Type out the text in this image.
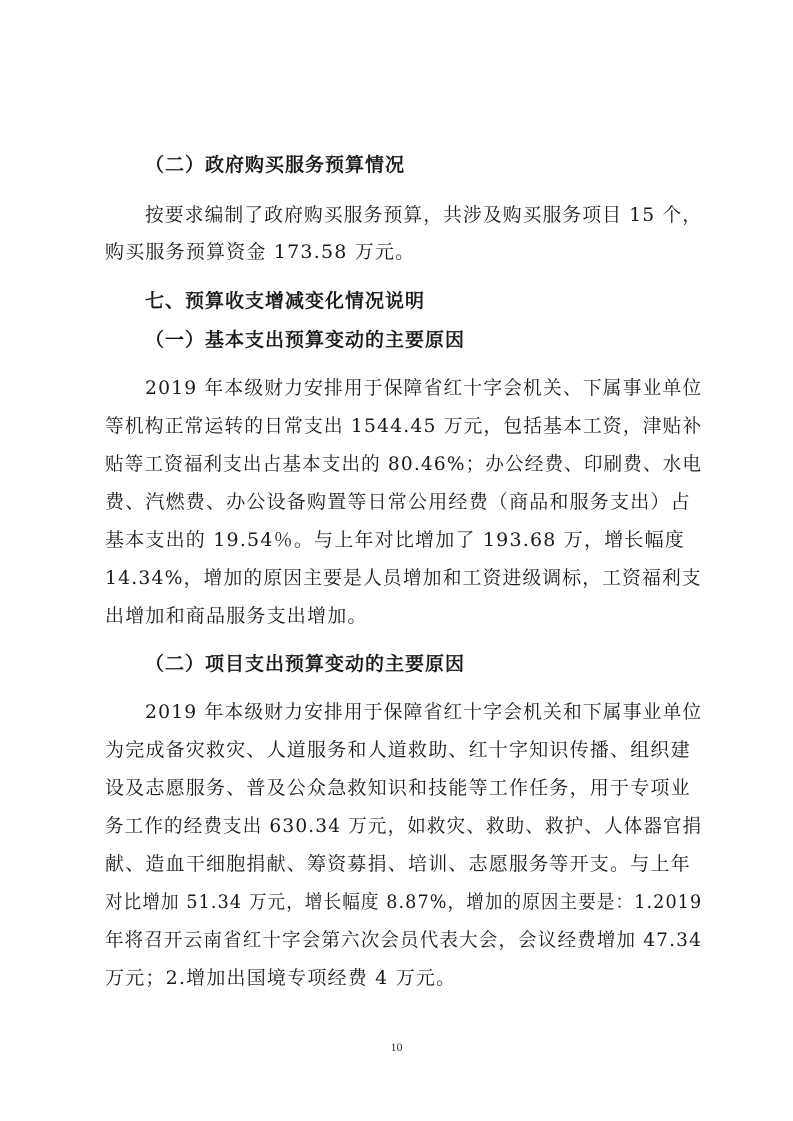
（二）政府购买服务预算情况
按要求编制了政府购买服务预算，共涉及购买服务项目 15 个，
购买服务预算资金 173.58 万元。
七、预算收支增减变化情况说明
（一）基本支出预算变动的主要原因
2019 年本级财力安排用于保障省红十字会机关、下属事业单位
等机构正常运转的日常支出 1544.45 万元，包括基本工资，津贴补
贴等工资福利支出占基本支出的 80.46%；办公经费、印刷费、水电
费、汽燃费、办公设备购置等日常公用经费（商品和服务支出）占
基本支出的 19.54％。与上年对比增加了 193.68 万，增长幅度
14.34%，增加的原因主要是人员增加和工资进级调标，工资福利支
出增加和商品服务支出增加。
（二）项目支出预算变动的主要原因
2019 年本级财力安排用于保障省红十字会机关和下属事业单位
为完成备灾救灾、人道服务和人道救助、红十字知识传播、组织建
设及志愿服务、普及公众急救知识和技能等工作任务，用于专项业
务工作的经费支出 630.34 万元，如救灾、救助、救护、人体器官捐
献、造血干细胞捐献、筹资募捐、培训、志愿服务等开支。与上年
对比增加 51.34 万元，增长幅度 8.87%，增加的原因主要是：1.2019
年将召开云南省红十字会第六次会员代表大会，会议经费增加 47.34
万元；2.增加出国境专项经费 4 万元。
10
